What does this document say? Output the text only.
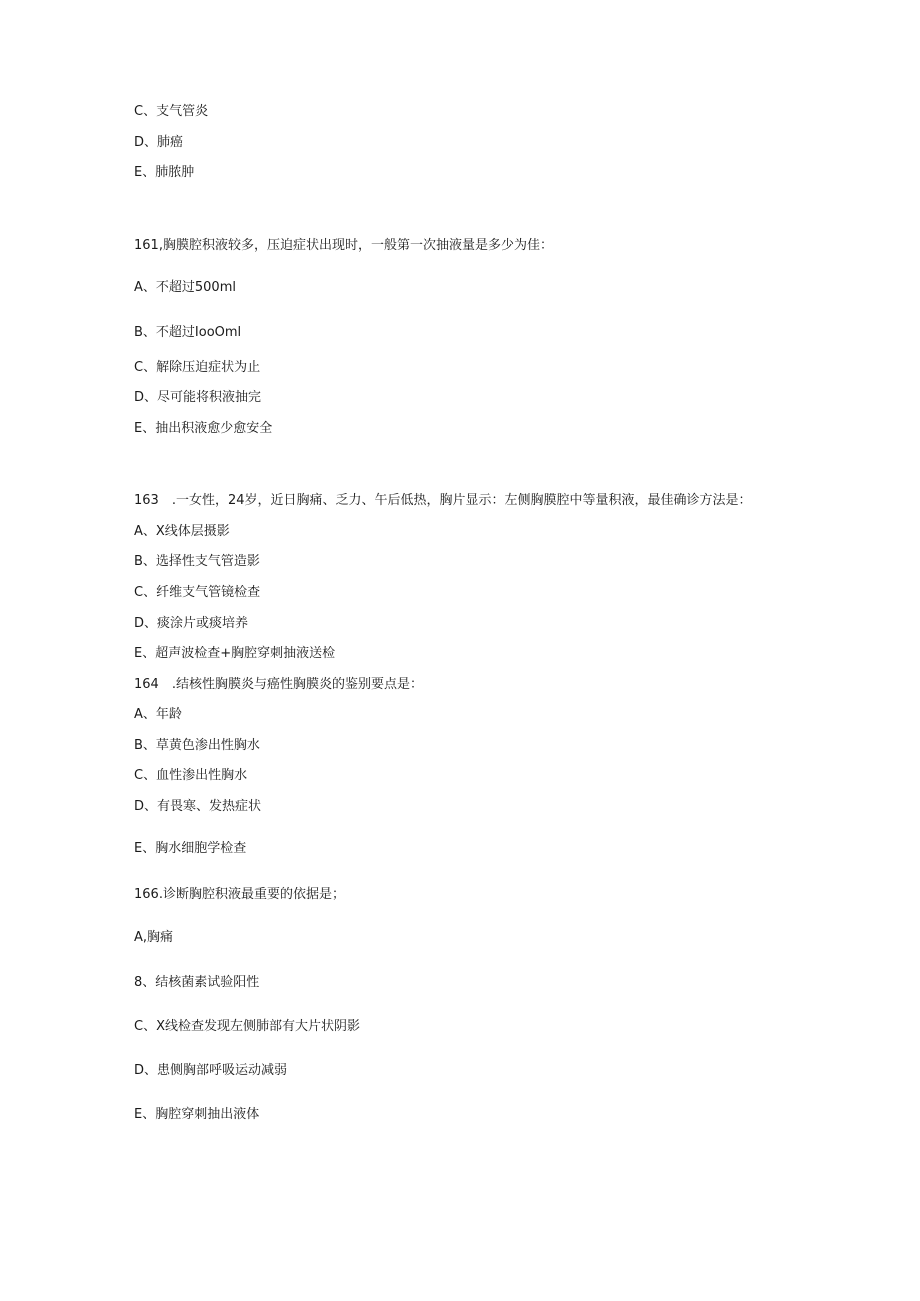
C、支气管炎
D、肺癌
E、肺脓肿
161,胸膜腔积液较多，压迫症状出现时，一般第一次抽液量是多少为佳：
A、不超过500ml
B、不超过IooOml
C、解除压迫症状为止
D、尽可能将积液抽完
E、抽出积液愈少愈安全
163　.一女性，24岁，近日胸痛、乏力、午后低热，胸片显示：左侧胸膜腔中等量积液，最佳确诊方法是：
A、X线体层摄影
B、选择性支气管造影
C、纤维支气管镜检查
D、痰涂片或痰培养
E、超声波检查+胸腔穿刺抽液送检
164　.结核性胸膜炎与癌性胸膜炎的鉴别要点是：
A、年龄
B、草黄色渗出性胸水
C、血性渗出性胸水
D、有畏寒、发热症状
E、胸水细胞学检查
166.诊断胸腔积液最重要的依据是；
A,胸痛
8、结核菌素试验阳性
C、X线检查发现左侧肺部有大片状阴影
D、患侧胸部呼吸运动减弱
E、胸腔穿刺抽出液体
